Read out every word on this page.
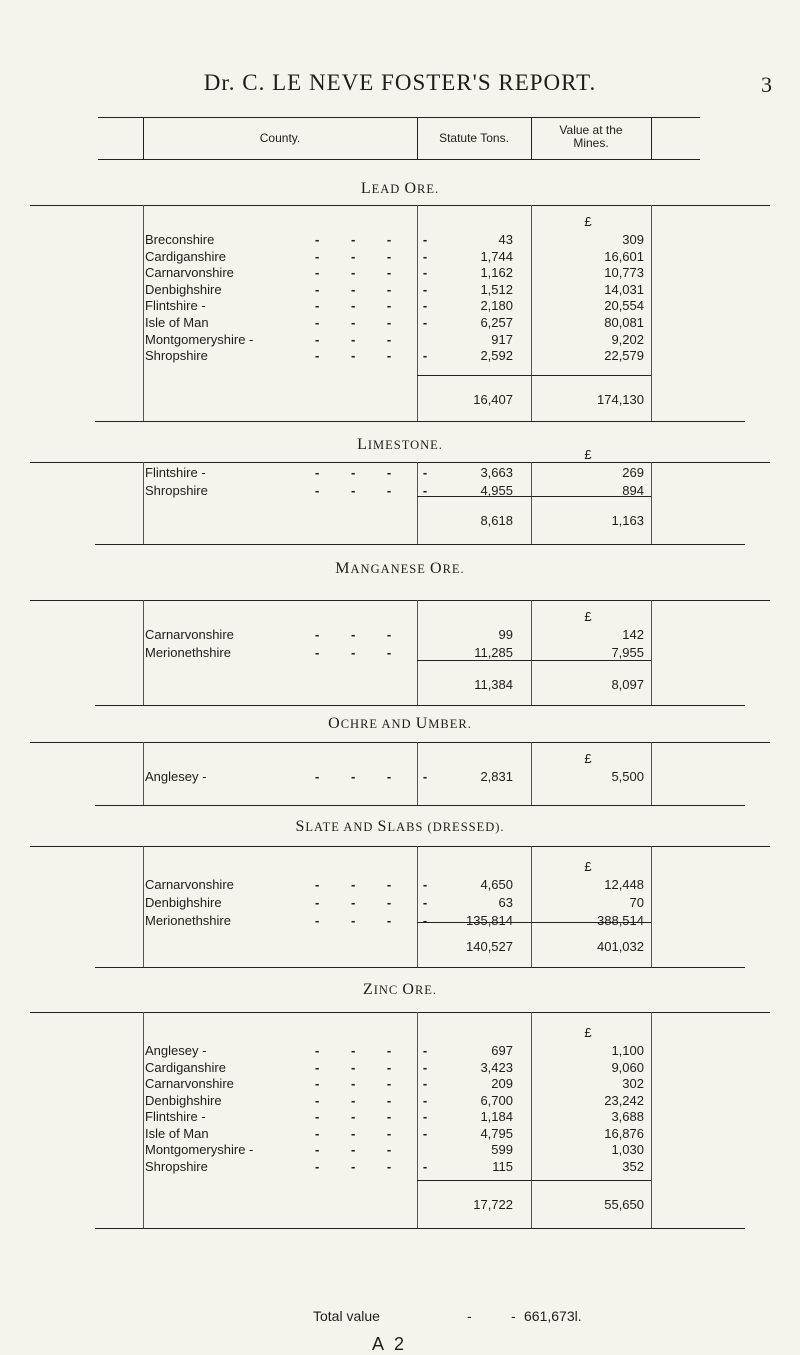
Dr. C. LE NEVE FOSTER'S REPORT.	3
County.	Statute Tons.
Value at the
Mines.
LEAD ORE.
£
Breconshire	- - - -	43	309
Cardiganshire	- - - -	1,744	16,601
Carnarvonshire	- - - -	1,162	10,773
Denbighshire	- - - -	1,512	14,031
Flintshire -	- - - -	2,180	20,554
Isle of Man	- - - -	6,257	80,081
Montgomeryshire -	- - -	917	9,202
Shropshire	- - - -	2,592	22,579
16,407	174,130
LIMESTONE.
£
Flintshire -	- - - -	3,663	269
Shropshire	- - - -	4,955	894
8,618	1,163
MANGANESE ORE.
£
Carnarvonshire	- - -	99	142
Merionethshire	- - -	11,285	7,955
11,384	8,097
OCHRE AND UMBER.
£
Anglesey -	- - - -	2,831	5,500
SLATE AND SLABS (DRESSED).
£
Carnarvonshire	- - - -	4,650	12,448
Denbighshire	- - - -	63	70
Merionethshire	- - - -	135,814	388,514
140,527	401,032
ZINC ORE.
£
Anglesey -	- - - -	697	1,100
Cardiganshire	- - - -	3,423	9,060
Carnarvonshire	- - - -	209	302
Denbighshire	- - - -	6,700	23,242
Flintshire -	- - - -	1,184	3,688
Isle of Man	- - - -	4,795	16,876
Montgomeryshire -	- - -	599	1,030
Shropshire	- - - -	115	352
17,722	55,650
Total value	-	- 661,673l.
A 2
